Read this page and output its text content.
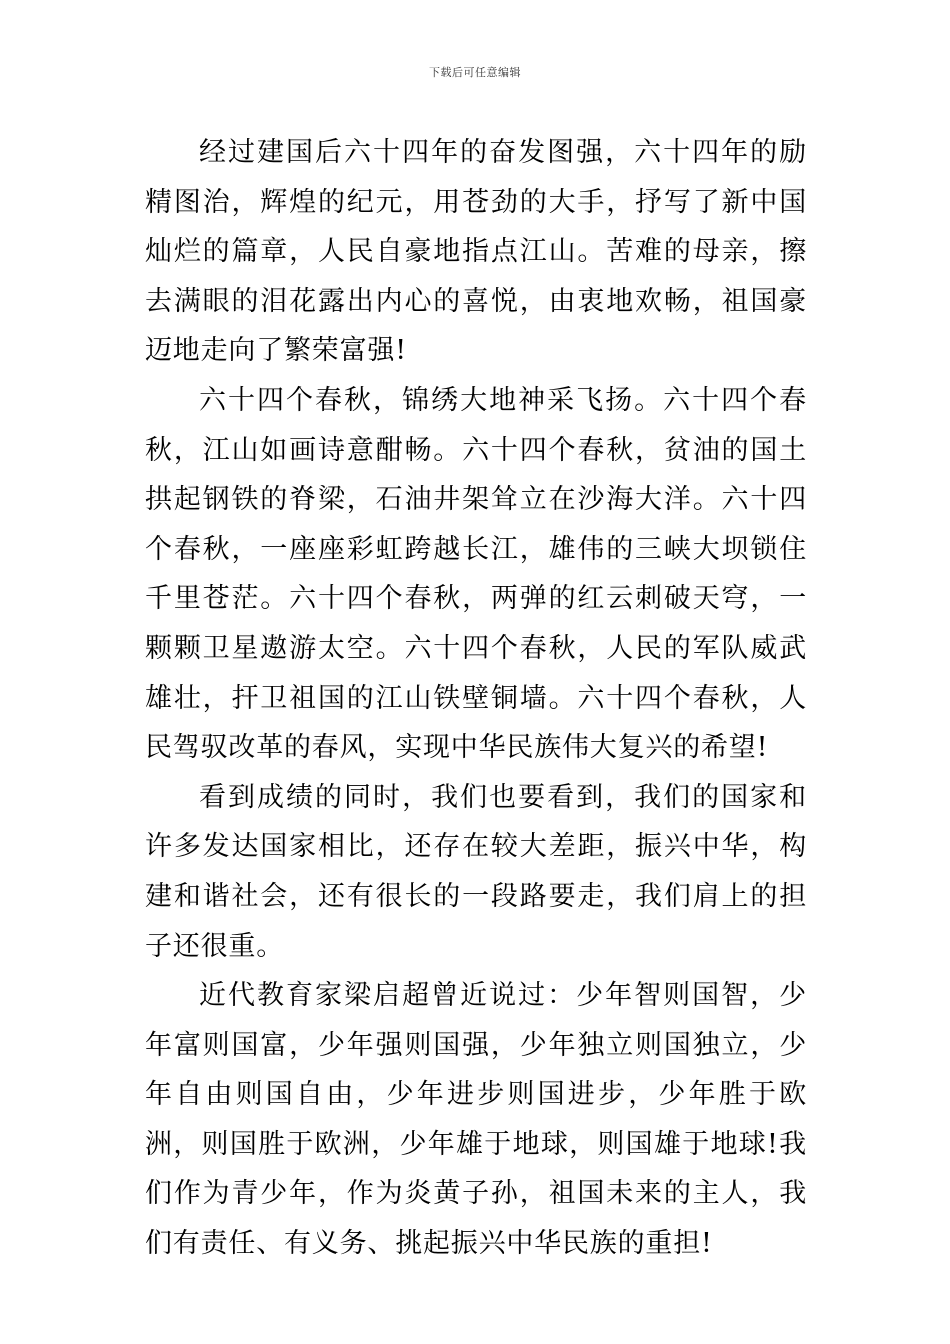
下载后可任意编辑

经过建国后六十四年的奋发图强，六十四年的励精图治，辉煌的纪元，用苍劲的大手，抒写了新中国灿烂的篇章，人民自豪地指点江山。苦难的母亲，擦去满眼的泪花露出内心的喜悦，由衷地欢畅，祖国豪迈地走向了繁荣富强!

六十四个春秋，锦绣大地神采飞扬。六十四个春秋，江山如画诗意酣畅。六十四个春秋，贫油的国土拱起钢铁的脊梁，石油井架耸立在沙海大洋。六十四个春秋，一座座彩虹跨越长江，雄伟的三峡大坝锁住千里苍茫。六十四个春秋，两弹的红云刺破天穹，一颗颗卫星遨游太空。六十四个春秋，人民的军队威武雄壮，扞卫祖国的江山铁壁铜墙。六十四个春秋，人民驾驭改革的春风，实现中华民族伟大复兴的希望!

看到成绩的同时，我们也要看到，我们的国家和许多发达国家相比，还存在较大差距，振兴中华，构建和谐社会，还有很长的一段路要走，我们肩上的担子还很重。

近代教育家梁启超曾近说过：少年智则国智，少年富则国富，少年强则国强，少年独立则国独立，少年自由则国自由，少年进步则国进步，少年胜于欧洲，则国胜于欧洲，少年雄于地球，则国雄于地球!我们作为青少年，作为炎黄子孙，祖国未来的主人，我们有责任、有义务、挑起振兴中华民族的重担!
